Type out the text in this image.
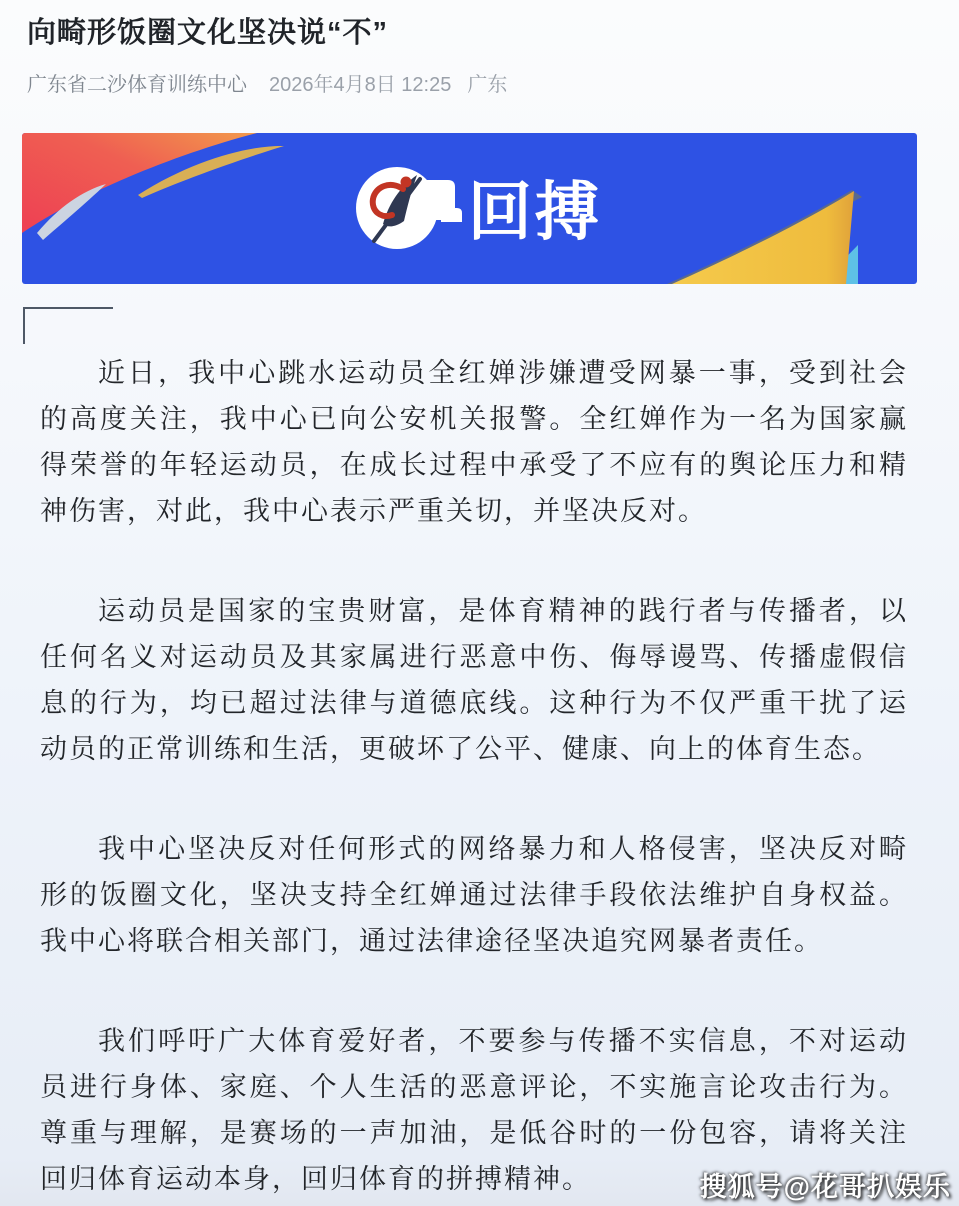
向畸形饭圈文化坚决说“不”
广东省二沙体育训练中心 2026年4月8日 12:25 广东
回搏

近日，我中心跳水运动员全红婵涉嫌遭受网暴一事，受到社会的高度关注，我中心已向公安机关报警。全红婵作为一名为国家赢得荣誉的年轻运动员，在成长过程中承受了不应有的舆论压力和精神伤害，对此，我中心表示严重关切，并坚决反对。

运动员是国家的宝贵财富，是体育精神的践行者与传播者，以任何名义对运动员及其家属进行恶意中伤、侮辱谩骂、传播虚假信息的行为，均已超过法律与道德底线。这种行为不仅严重干扰了运动员的正常训练和生活，更破坏了公平、健康、向上的体育生态。

我中心坚决反对任何形式的网络暴力和人格侵害，坚决反对畸形的饭圈文化，坚决支持全红婵通过法律手段依法维护自身权益。我中心将联合相关部门，通过法律途径坚决追究网暴者责任。

我们呼吁广大体育爱好者，不要参与传播不实信息，不对运动员进行身体、家庭、个人生活的恶意评论，不实施言论攻击行为。尊重与理解，是赛场的一声加油，是低谷时的一份包容，请将关注回归体育运动本身，回归体育的拼搏精神。	搜狐号@花哥扒娱乐
